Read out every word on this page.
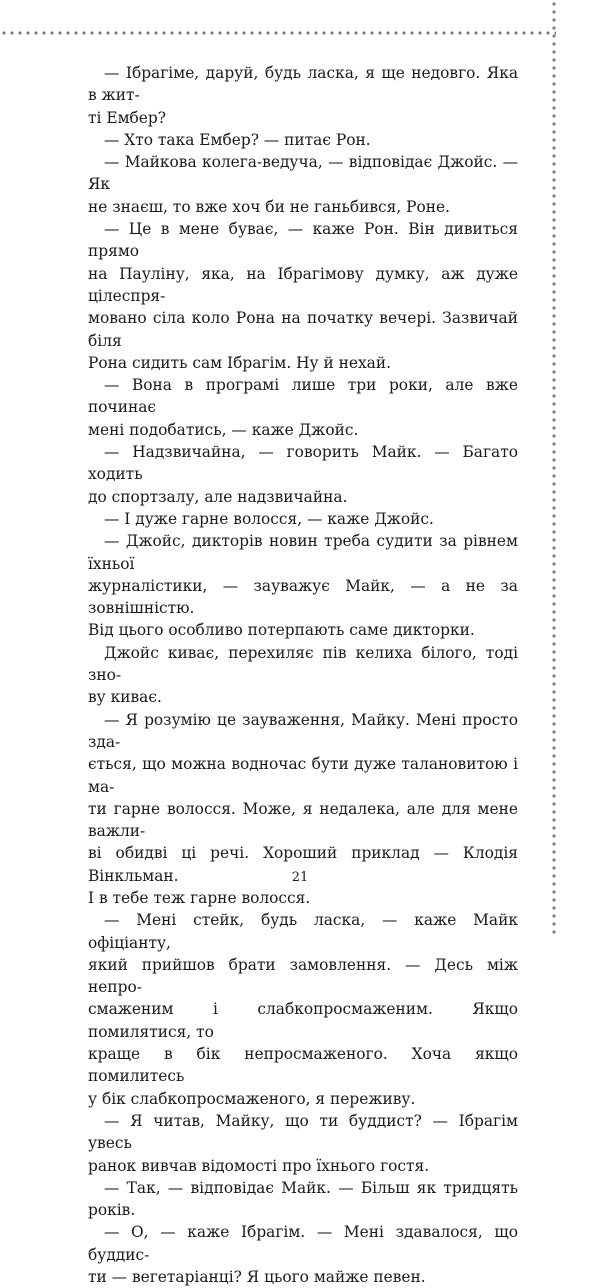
— Ібрагіме, даруй, будь ласка, я ще недовго. Яка в жит-
ті Ембер?

— Хто така Ембер? — питає Рон.

— Майкова колега-ведуча, — відповідає Джойс. — Як
не знаєш, то вже хоч би не ганьбився, Роне.

— Це в мене буває, — каже Рон. Він дивиться прямо
на Пауліну, яка, на Ібрагімову думку, аж дуже цілеспря-
мовано сіла коло Рона на початку вечері. Зазвичай біля
Рона сидить сам Ібрагім. Ну й нехай.

— Вона в програмі лише три роки, але вже починає
мені подобатись, — каже Джойс.

— Надзвичайна, — говорить Майк. — Багато ходить
до спортзалу, але надзвичайна.

— І дуже гарне волосся, — каже Джойс.

— Джойс, дикторів новин треба судити за рівнем їхньої
журналістики, — зауважує Майк, — а не за зовнішністю.
Від цього особливо потерпають саме дикторки.

Джойс киває, перехиляє пів келиха білого, тоді зно-
ву киває.

— Я розумію це зауваження, Майку. Мені просто зда-
ється, що можна водночас бути дуже талановитою і ма-
ти гарне волосся. Може, я недалека, але для мене важли-
ві обидві ці речі. Хороший приклад — Клодія Вінкльман.
І в тебе теж гарне волосся.

— Мені стейк, будь ласка, — каже Майк офіціанту,
який прийшов брати замовлення. — Десь між непро-
смаженим і слабкопросмаженим. Якщо помилятися, то
краще в бік непросмаженого. Хоча якщо помилитесь
у бік слабкопросмаженого, я переживу.

— Я читав, Майку, що ти буддист? — Ібрагім увесь
ранок вивчав відомості про їхнього гостя.

— Так, — відповідає Майк. — Більш як тридцять років.

— О, — каже Ібрагім. — Мені здавалося, що буддис-
ти — вегетаріанці? Я цього майже певен.

21
